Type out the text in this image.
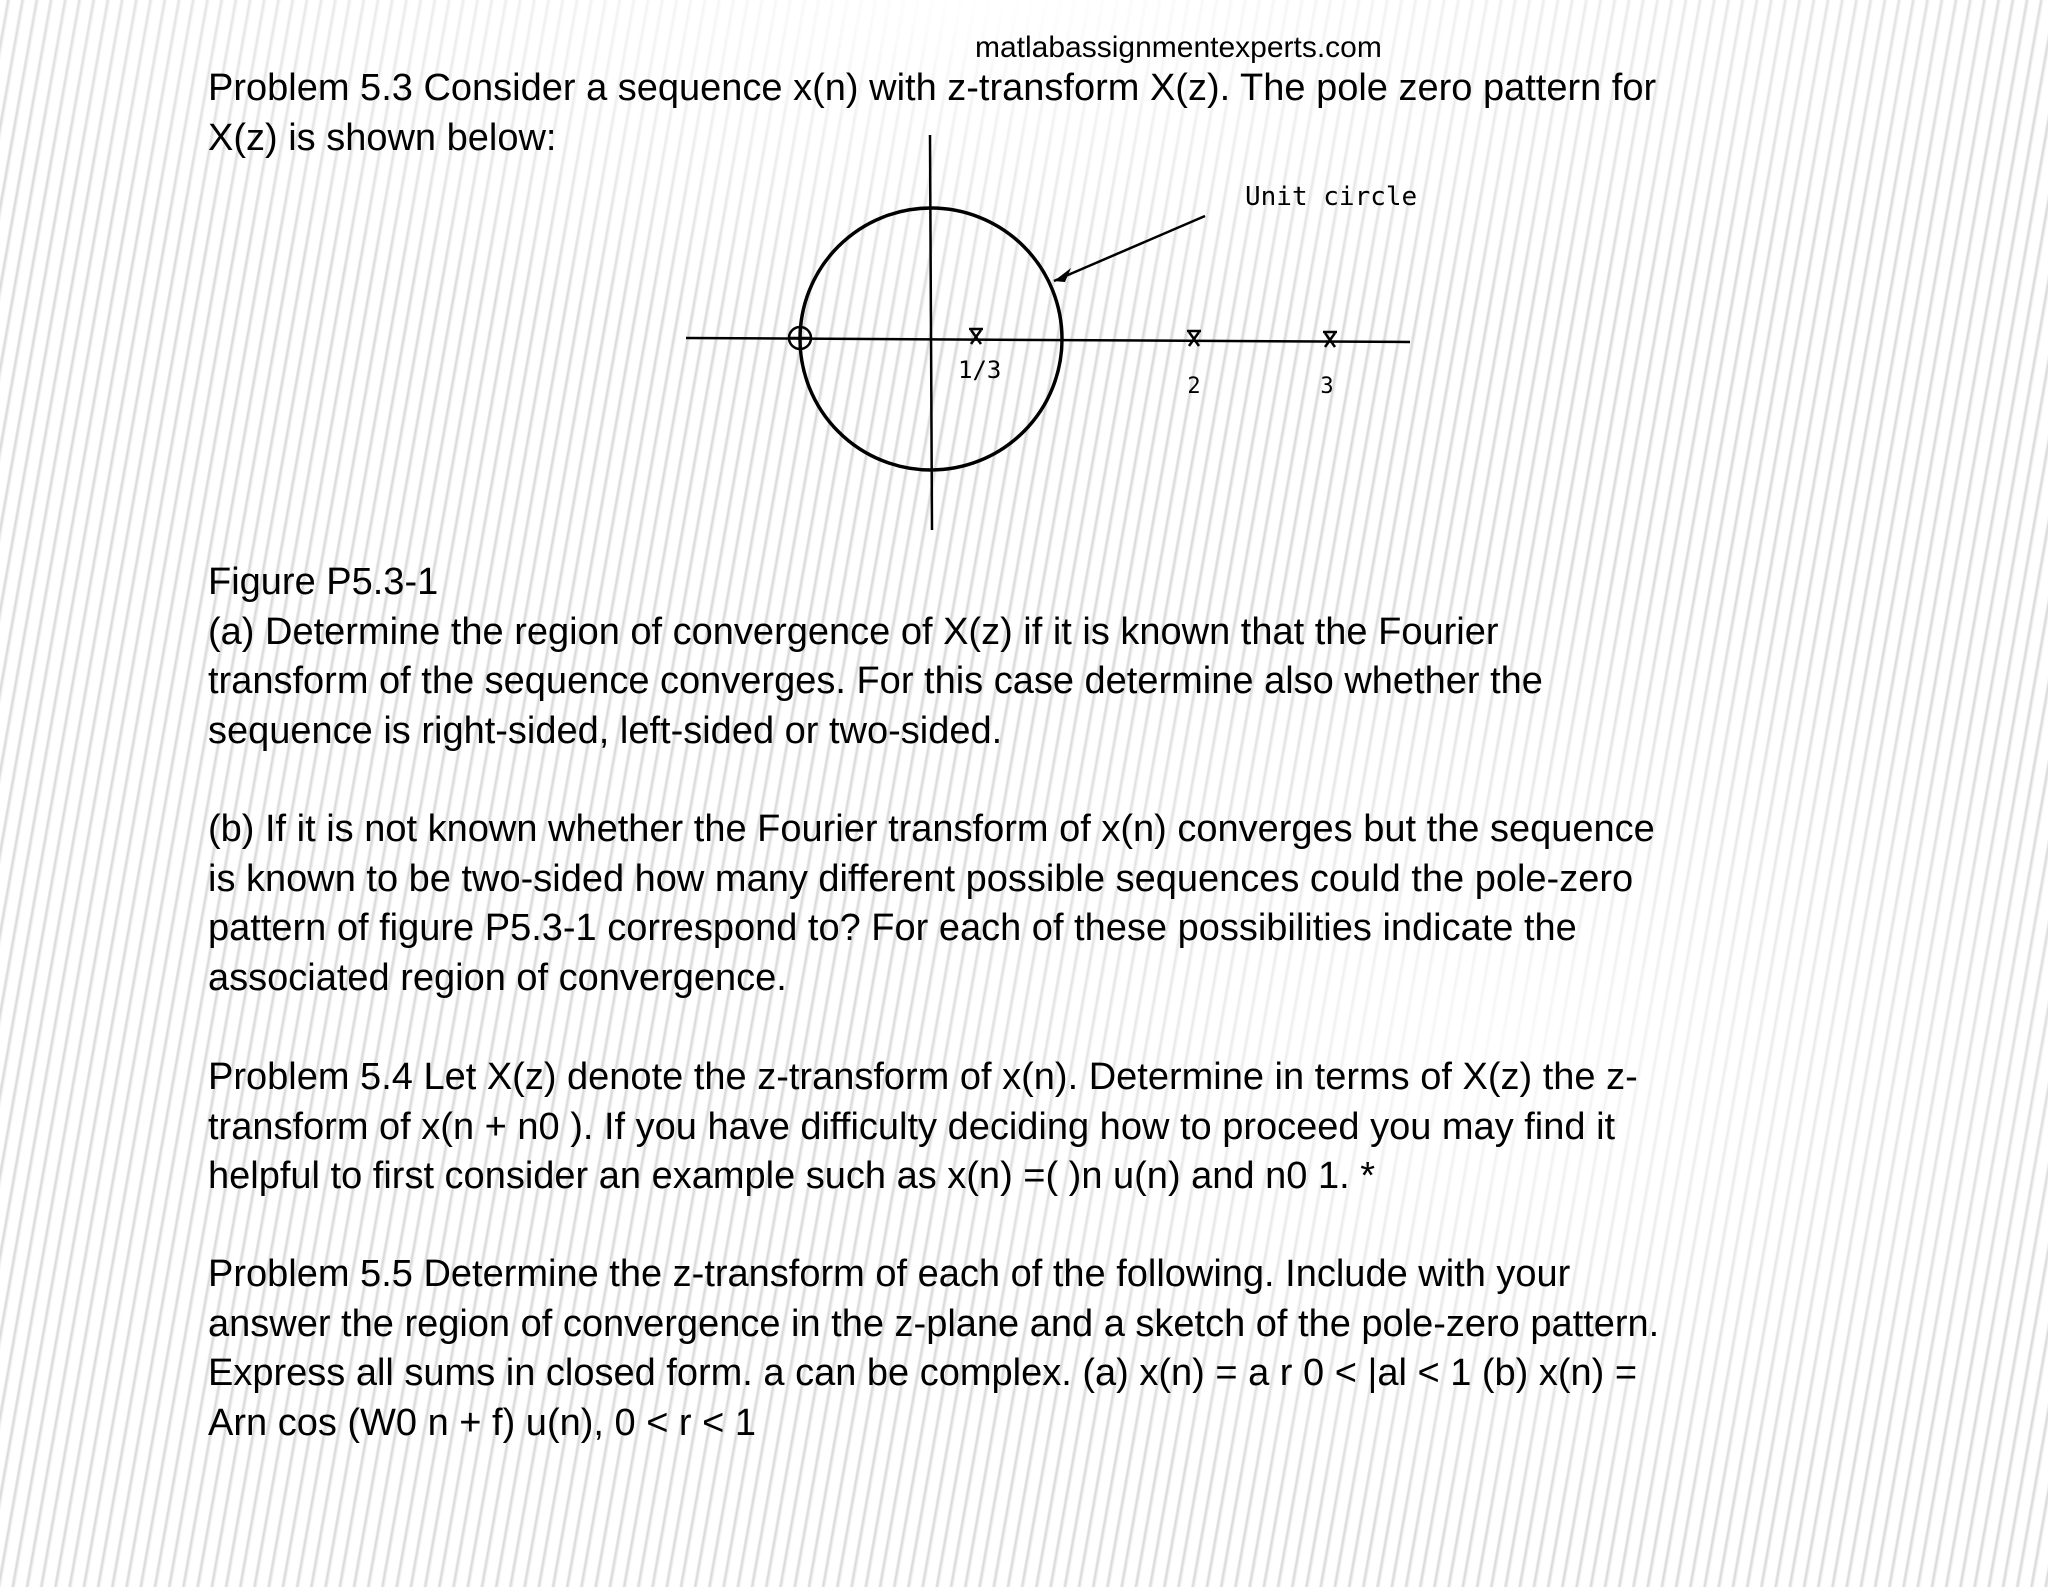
matlabassignmentexperts.com
Problem 5.3 Consider a sequence x(n) with z-transform X(z). The pole zero pattern for
X(z) is shown below:
Unit circle
1/3
2	3
Figure P5.3-1
(a) Determine the region of convergence of X(z) if it is known that the Fourier
transform of the sequence converges. For this case determine also whether the
sequence is right-sided, left-sided or two-sided.
(b) If it is not known whether the Fourier transform of x(n) converges but the sequence
is known to be two-sided how many different possible sequences could the pole-zero
pattern of figure P5.3-1 correspond to? For each of these possibilities indicate the
associated region of convergence.
Problem 5.4 Let X(z) denote the z-transform of x(n). Determine in terms of X(z) the z-
transform of x(n + n0 ). If you have difficulty deciding how to proceed you may find it
helpful to first consider an example such as x(n) =( )n u(n) and n0 1. *
Problem 5.5 Determine the z-transform of each of the following. Include with your
answer the region of convergence in the z-plane and a sketch of the pole-zero pattern.
Express all sums in closed form. a can be complex. (a) x(n) = a r 0 < |al < 1 (b) x(n) =
Arn cos (W0 n + f) u(n), 0 < r < 1
